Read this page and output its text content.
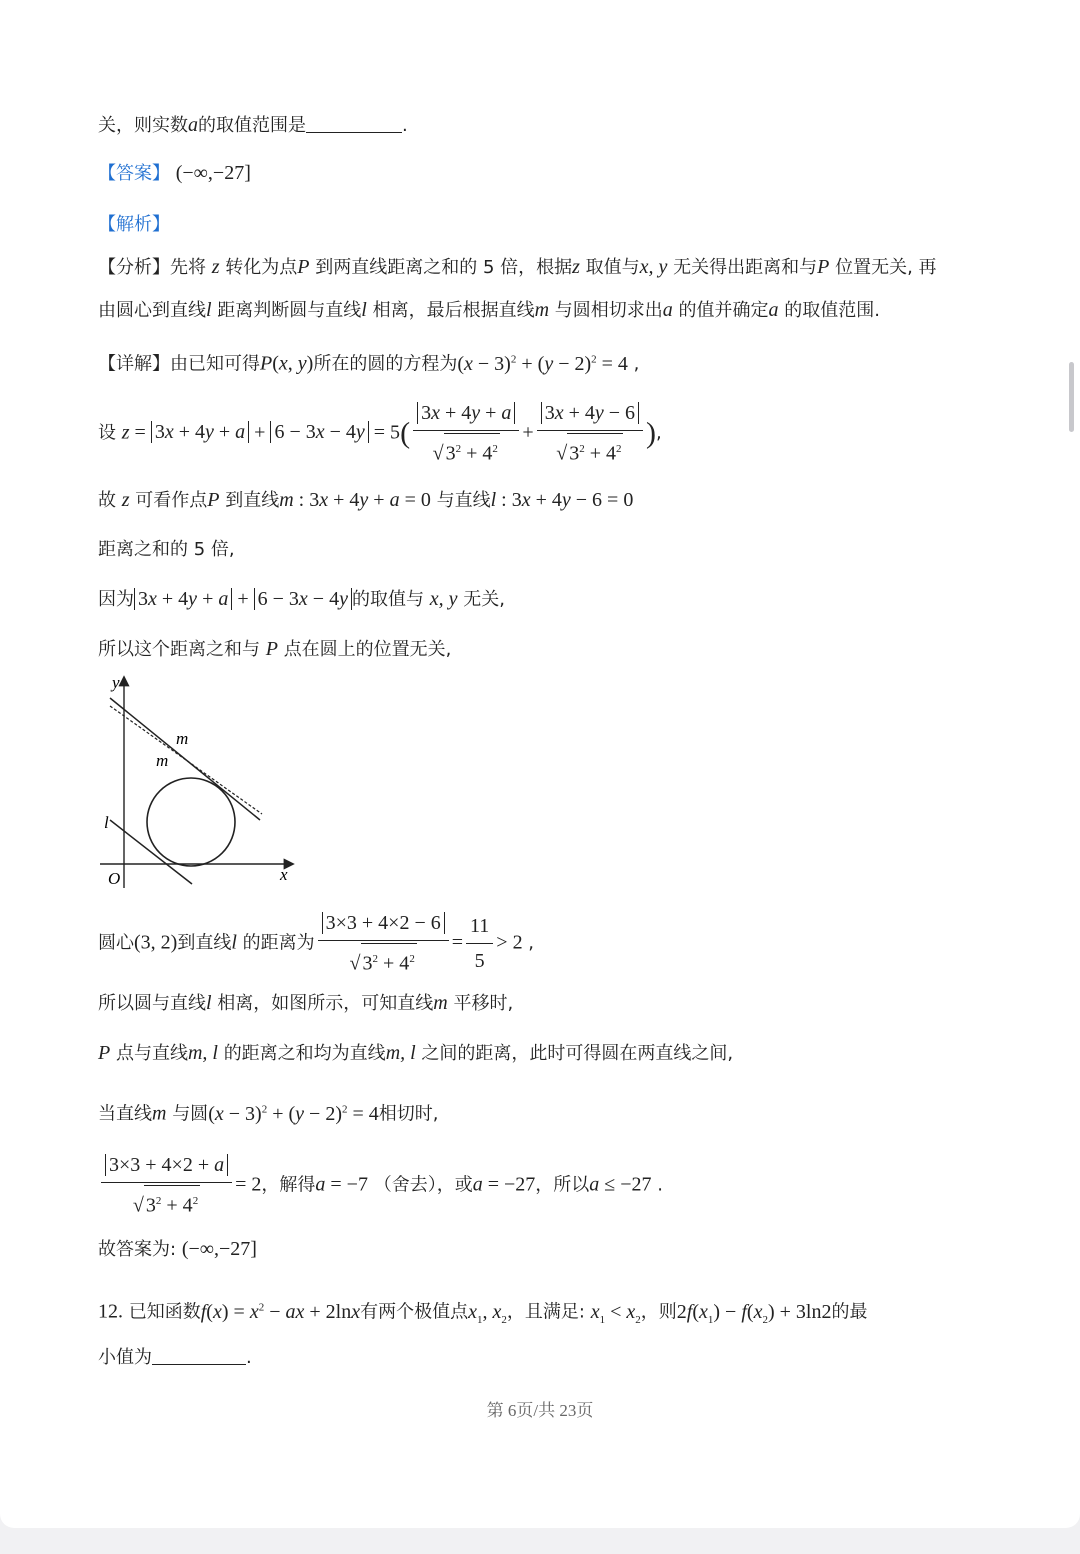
关，则实数a的取值范围是	.
【答案】 (−∞,−27]
【解析】
【分析】先将 z 转化为点P 到两直线距离之和的 5 倍，根据z 取值与x, y 无关得出距离和与P 位置无关, 再
由圆心到直线l 距离判断圆与直线l 相离，最后根据直线m 与圆相切求出a 的值并确定a 的取值范围.
【详解】由已知可得P(x, y)所在的圆的方程为$(x - 3)^2 + (y - 2)^2 = 4$ ,
设 $z = 3x + 4y + a + 6 - 3x - 4y = 5( \frac{3x + 4y + a}{√ 3^2 + 4^2} + \frac{3x + 4y - 6}{√ 3^2 + 4^2}$ ),
故 z 可看作点P 到直线m : 3x + 4y + a = 0 与直线l : 3x + 4y − 6 = 0
距离之和的 5 倍,
因为 3x + 4y + a + 6 − 3x − 4y 的取值与 x, y 无关,
所以这个距离之和与 P 点在圆上的位置无关,
y
x
O
l
m
m
圆心(3, 2)到直线l 的距离为 $\frac{3\times 3 + 4\times 2 - 6}{√ 3^2 + 4^2} = \frac{11}{5} > 2$ ,
所以圆与直线l 相离，如图所示，可知直线m 平移时,
P 点与直线m, l 的距离之和均为直线m, l 之间的距离，此时可得圆在两直线之间,
当直线m 与圆$(x - 3)^2 + (y - 2)^2 = 4$相切时,
$\frac{3\times 3 + 4\times 2 + a}{√ 3^2 + 4^2} = 2$，解得a = −7 （舍去），或a = −27，所以a ≤ −27 .
故答案为: (−∞,−27]
12. 已知函数$f(x) = x^2$ − ax + 2lnx有两个极值点$x_1$, $x_2$，且满足: $x_1 < x_2$，则$2f(x_1) - f(x_2) + 3\ln 2$的最
小值为	.
第 6页/共 23页
